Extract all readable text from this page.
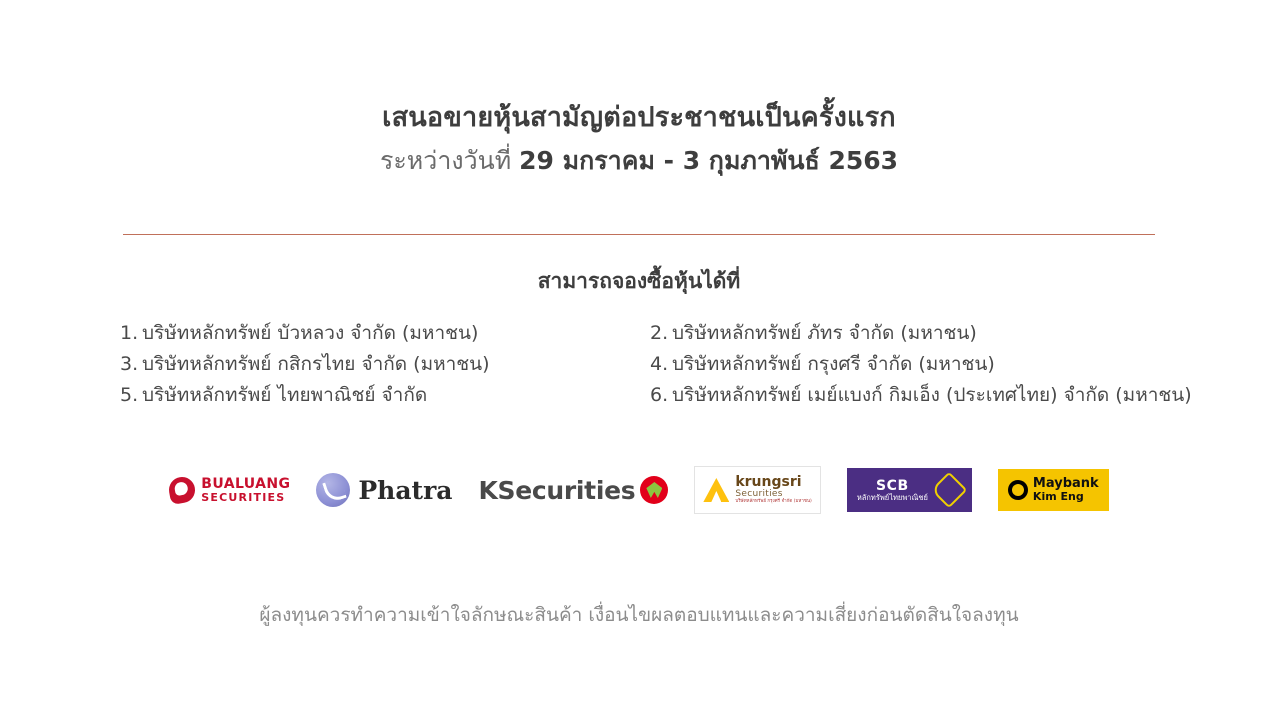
เสนอขายหุ้นสามัญต่อประชาชนเป็นครั้งแรก
ระหว่างวันที่ 29 มกราคม - 3 กุมภาพันธ์ 2563
สามารถจองซื้อหุ้นได้ที่
1. บริษัทหลักทรัพย์ บัวหลวง จำกัด (มหาชน)	2. บริษัทหลักทรัพย์ ภัทร จำกัด (มหาชน)
3. บริษัทหลักทรัพย์ กสิกรไทย จำกัด (มหาชน)	4. บริษัทหลักทรัพย์ กรุงศรี จำกัด (มหาชน)
5. บริษัทหลักทรัพย์ ไทยพาณิชย์ จำกัด	6. บริษัทหลักทรัพย์ เมย์แบงก์ กิมเอ็ง (ประเทศไทย) จำกัด (มหาชน)
BUALUANG
SECURITIES	Phatra KSecurities	krungsri
Securities
บริษัทหลักทรัพย์ กรุงศรี จำกัด (มหาชน)
SCB
หลักทรัพย์ไทยพาณิชย์
Maybank
Kim Eng
ผู้ลงทุนควรทำความเข้าใจลักษณะสินค้า เงื่อนไขผลตอบแทนและความเสี่ยงก่อนตัดสินใจลงทุน
